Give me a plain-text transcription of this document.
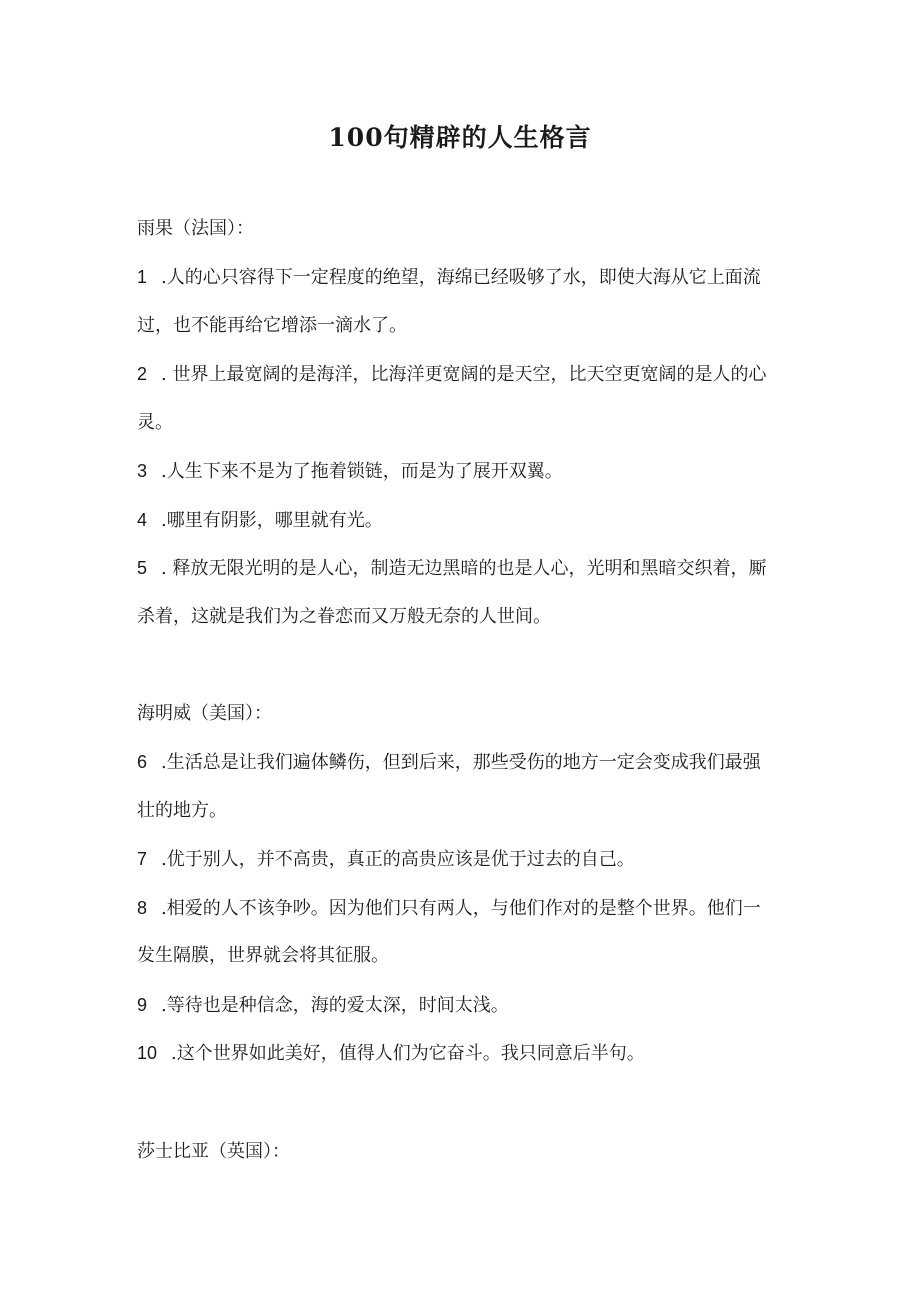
100句精辟的人生格言
雨果（法国）：
1 .人的心只容得下一定程度的绝望，海绵已经吸够了水，即使大海从它上面流
过，也不能再给它增添一滴水了。
2 . 世界上最宽阔的是海洋，比海洋更宽阔的是天空，比天空更宽阔的是人的心
灵。
3 .人生下来不是为了拖着锁链，而是为了展开双翼。
4 .哪里有阴影，哪里就有光。
5 . 释放无限光明的是人心，制造无边黑暗的也是人心，光明和黑暗交织着，厮
杀着，这就是我们为之眷恋而又万般无奈的人世间。
海明威（美国）：
6 .生活总是让我们遍体鳞伤，但到后来，那些受伤的地方一定会变成我们最强
壮的地方。
7 .优于别人，并不高贵，真正的高贵应该是优于过去的自己。
8 .相爱的人不该争吵。因为他们只有两人，与他们作对的是整个世界。他们一
发生隔膜，世界就会将其征服。
9 .等待也是种信念，海的爱太深，时间太浅。
10 .这个世界如此美好，值得人们为它奋斗。我只同意后半句。
莎士比亚（英国）：
